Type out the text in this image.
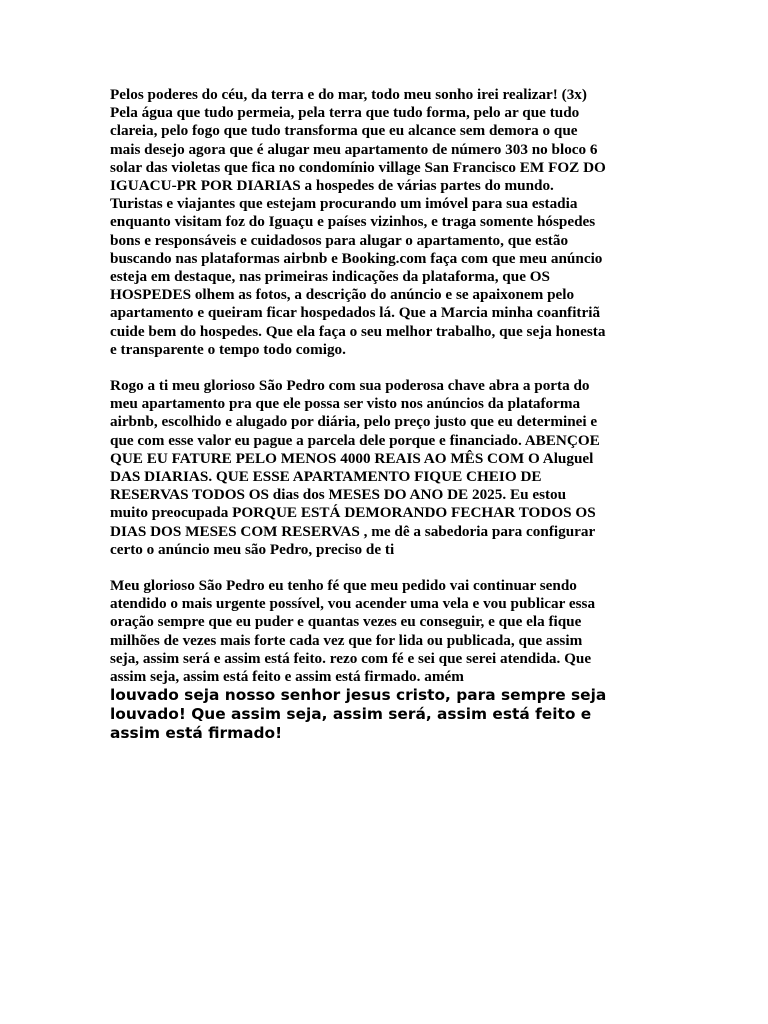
Pelos poderes do céu, da terra e do mar, todo meu sonho irei realizar! (3x)
Pela água que tudo permeia, pela terra que tudo forma, pelo ar que tudo
clareia, pelo fogo que tudo transforma que eu alcance sem demora o que
mais desejo agora que é alugar meu apartamento de número 303 no bloco 6
solar das violetas que fica no condomínio village San Francisco EM FOZ DO
IGUACU-PR POR DIARIAS a hospedes de várias partes do mundo.
Turistas e viajantes que estejam procurando um imóvel para sua estadia
enquanto visitam foz do Iguaçu e países vizinhos, e traga somente hóspedes
bons e responsáveis e cuidadosos para alugar o apartamento, que estão
buscando nas plataformas airbnb e Booking.com faça com que meu anúncio
esteja em destaque, nas primeiras indicações da plataforma, que OS
HOSPEDES olhem as fotos, a descrição do anúncio e se apaixonem pelo
apartamento e queiram ficar hospedados lá. Que a Marcia minha coanfitriã
cuide bem do hospedes. Que ela faça o seu melhor trabalho, que seja honesta
e transparente o tempo todo comigo.

Rogo a ti meu glorioso São Pedro com sua poderosa chave abra a porta do
meu apartamento pra que ele possa ser visto nos anúncios da plataforma
airbnb, escolhido e alugado por diária, pelo preço justo que eu determinei e
que com esse valor eu pague a parcela dele porque e financiado. ABENÇOE
QUE EU FATURE PELO MENOS 4000 REAIS AO MÊS COM O Aluguel
DAS DIARIAS. QUE ESSE APARTAMENTO FIQUE CHEIO DE
RESERVAS TODOS OS dias dos MESES DO ANO DE 2025. Eu estou
muito preocupada PORQUE ESTÁ DEMORANDO FECHAR TODOS OS
DIAS DOS MESES COM RESERVAS , me dê a sabedoria para configurar
certo o anúncio meu são Pedro, preciso de ti

Meu glorioso São Pedro eu tenho fé que meu pedido vai continuar sendo
atendido o mais urgente possível, vou acender uma vela e vou publicar essa
oração sempre que eu puder e quantas vezes eu conseguir, e que ela fique
milhões de vezes mais forte cada vez que for lida ou publicada, que assim
seja, assim será e assim está feito. rezo com fé e sei que serei atendida. Que
assim seja, assim está feito e assim está firmado. amém

louvado seja nosso senhor jesus cristo, para sempre seja
louvado! Que assim seja, assim será, assim está feito e
assim está firmado!
